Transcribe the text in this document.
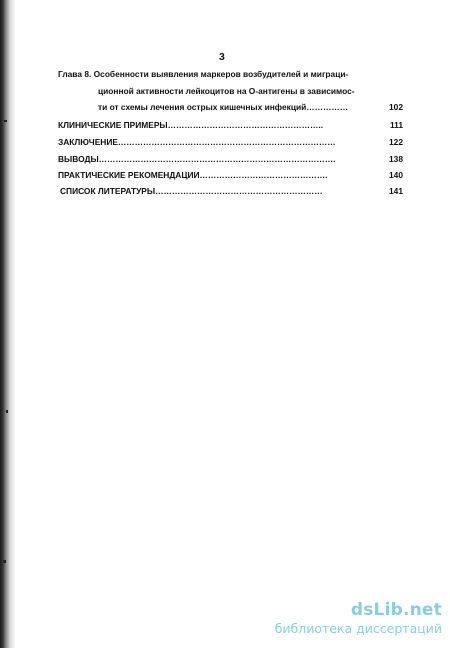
3
Глава 8. Особенности выявления маркеров возбудителей и миграци-
ционной активности лейкоцитов на О-антигены в зависимос-
ти от схемы лечения острых кишечных инфекций……………	102
КЛИНИЧЕСКИЕ ПРИМЕРЫ………………………………………………..	111
ЗАКЛЮЧЕНИЕ……………………………………………………………………	122
ВЫВОДЫ………………………………………………………………………….	138
ПРАКТИЧЕСКИЕ РЕКОМЕНДАЦИИ……………………………………….	140
СПИСОК ЛИТЕРАТУРЫ……………………………………………………	141
dsLib.net
библиотека диссертаций
